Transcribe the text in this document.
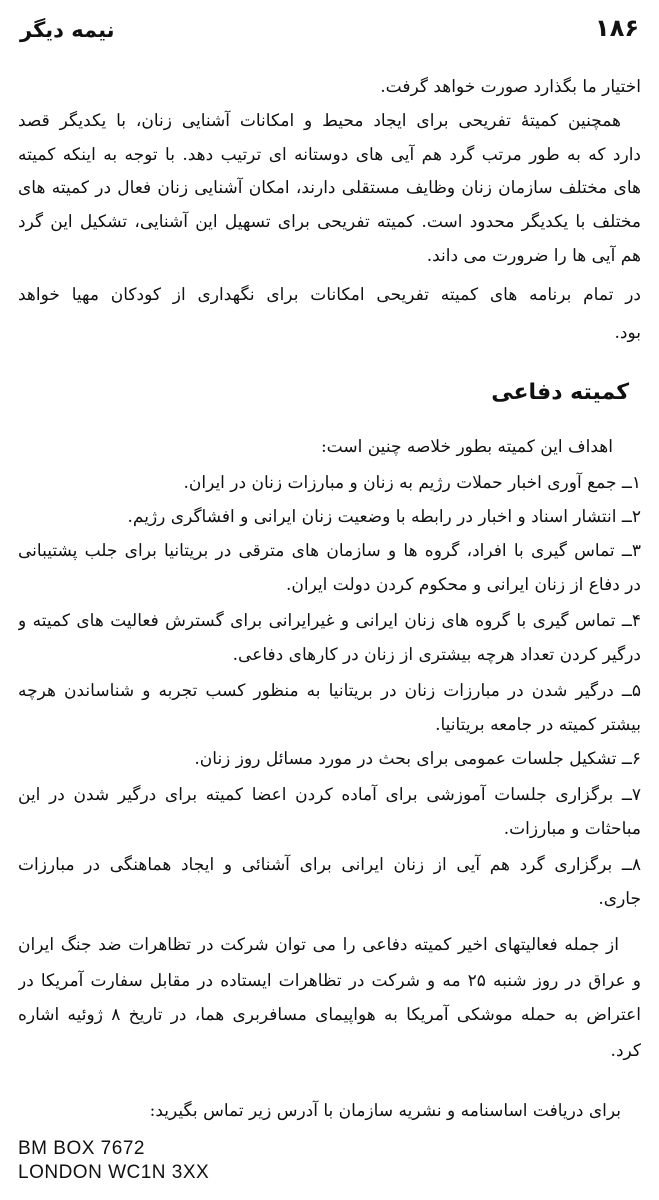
نیمه دیگر	۱۸۶

اختیار ما بگذارد صورت خواهد گرفت.

همچنین کمیتهٔ تفریحی برای ایجاد محیط و امکانات آشنایی زنان، با یکدیگر قصد

دارد که به طور مرتب گرد هم آیی های دوستانه ای ترتیب دهد. با توجه به اینکه کمیته

های مختلف سازمان زنان وظایف مستقلی دارند، امکان آشنایی زنان فعال در کمیته های

مختلف با یکدیگر محدود است. کمیته تفریحی برای تسهیل این آشنایی، تشکیل این گرد

هم آیی ها را ضرورت می داند.

در تمام برنامه های کمیته تفریحی امکانات برای نگهداری از کودکان مهیا خواهد

بود.

کمیته دفاعی

اهداف این کمیته بطور خلاصه چنین است:

۱ــ جمع آوری اخبار حملات رژیم به زنان و مبارزات زنان در ایران.

۲ــ انتشار اسناد و اخبار در رابطه با وضعیت زنان ایرانی و افشاگری رژیم.

۳ــ تماس گیری با افراد، گروه ها و سازمان های مترقی در بریتانیا برای جلب پشتیبانی

در دفاع از زنان ایرانی و محکوم کردن دولت ایران.

۴ــ تماس گیری با گروه های زنان ایرانی و غیرایرانی برای گسترش فعالیت های کمیته و

درگیر کردن تعداد هرچه بیشتری از زنان در کارهای دفاعی.

۵ــ درگیر شدن در مبارزات زنان در بریتانیا به منظور کسب تجربه و شناساندن هرچه

بیشتر کمیته در جامعه بریتانیا.

۶ــ تشکیل جلسات عمومی برای بحث در مورد مسائل روز زنان.

۷ــ برگزاری جلسات آموزشی برای آماده کردن اعضا کمیته برای درگیر شدن در این

مباحثات و مبارزات.

۸ــ برگزاری گرد هم آیی از زنان ایرانی برای آشنائی و ایجاد هماهنگی در مبارزات

جاری.

از جمله فعالیتهای اخیر کمیته دفاعی را می توان شرکت در تظاهرات ضد جنگ ایران

و عراق در روز شنبه ۲۵ مه و شرکت در تظاهرات ایستاده در مقابل سفارت آمریکا در

اعتراض به حمله موشکی آمریکا به هواپیمای مسافربری هما، در تاریخ ۸ ژوئیه اشاره

کرد.

برای دریافت اساسنامه و نشریه سازمان با آدرس زیر تماس بگیرید:

BM BOX 7672
LONDON WC1N 3XX
